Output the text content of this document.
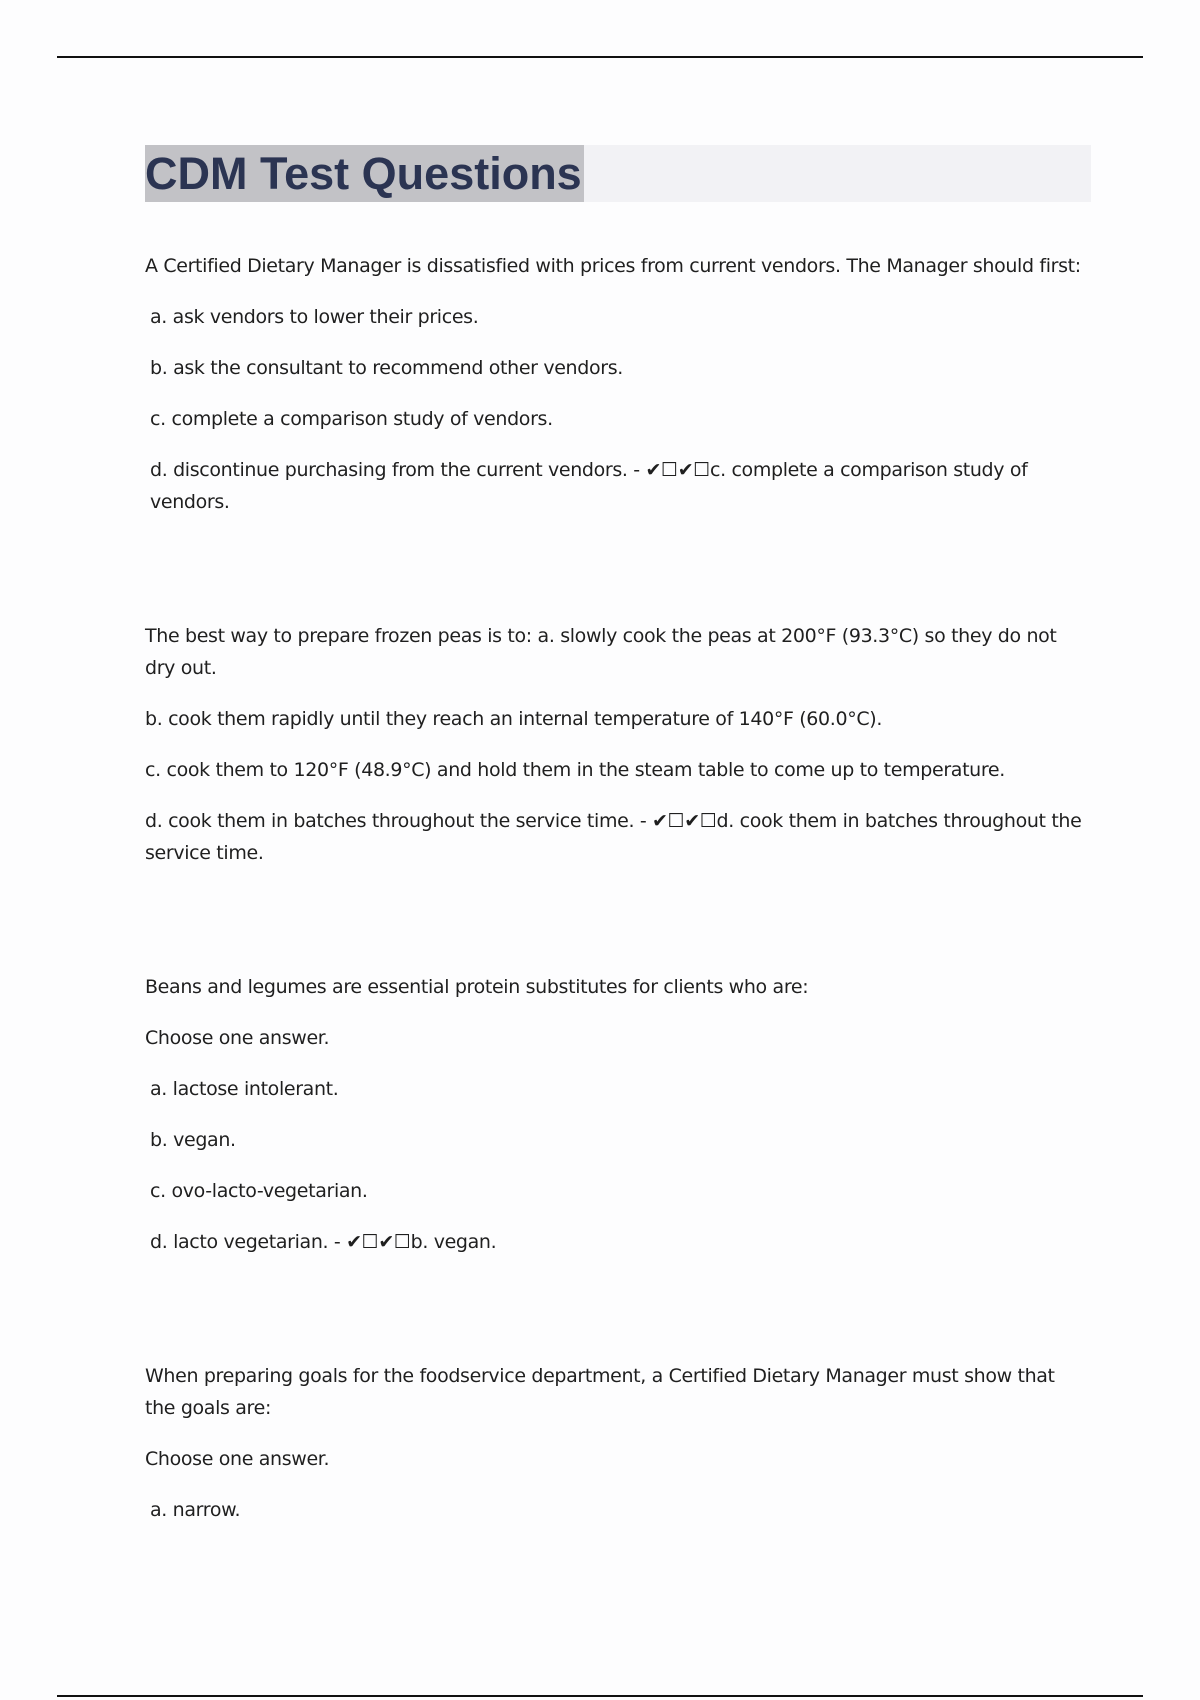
CDM Test Questions

A Certified Dietary Manager is dissatisfied with prices from current vendors. The Manager should first:

a. ask vendors to lower their prices.

b. ask the consultant to recommend other vendors.

c. complete a comparison study of vendors.

d. discontinue purchasing from the current vendors. - ✔☐✔☐c. complete a comparison study of vendors.

The best way to prepare frozen peas is to: a. slowly cook the peas at 200°F (93.3°C) so they do not dry out.

b. cook them rapidly until they reach an internal temperature of 140°F (60.0°C).

c. cook them to 120°F (48.9°C) and hold them in the steam table to come up to temperature.

d. cook them in batches throughout the service time. - ✔☐✔☐d. cook them in batches throughout the service time.

Beans and legumes are essential protein substitutes for clients who are:

Choose one answer.

a. lactose intolerant.

b. vegan.

c. ovo-lacto-vegetarian.

d. lacto vegetarian. - ✔☐✔☐b. vegan.

When preparing goals for the foodservice department, a Certified Dietary Manager must show that the goals are:

Choose one answer.

a. narrow.
